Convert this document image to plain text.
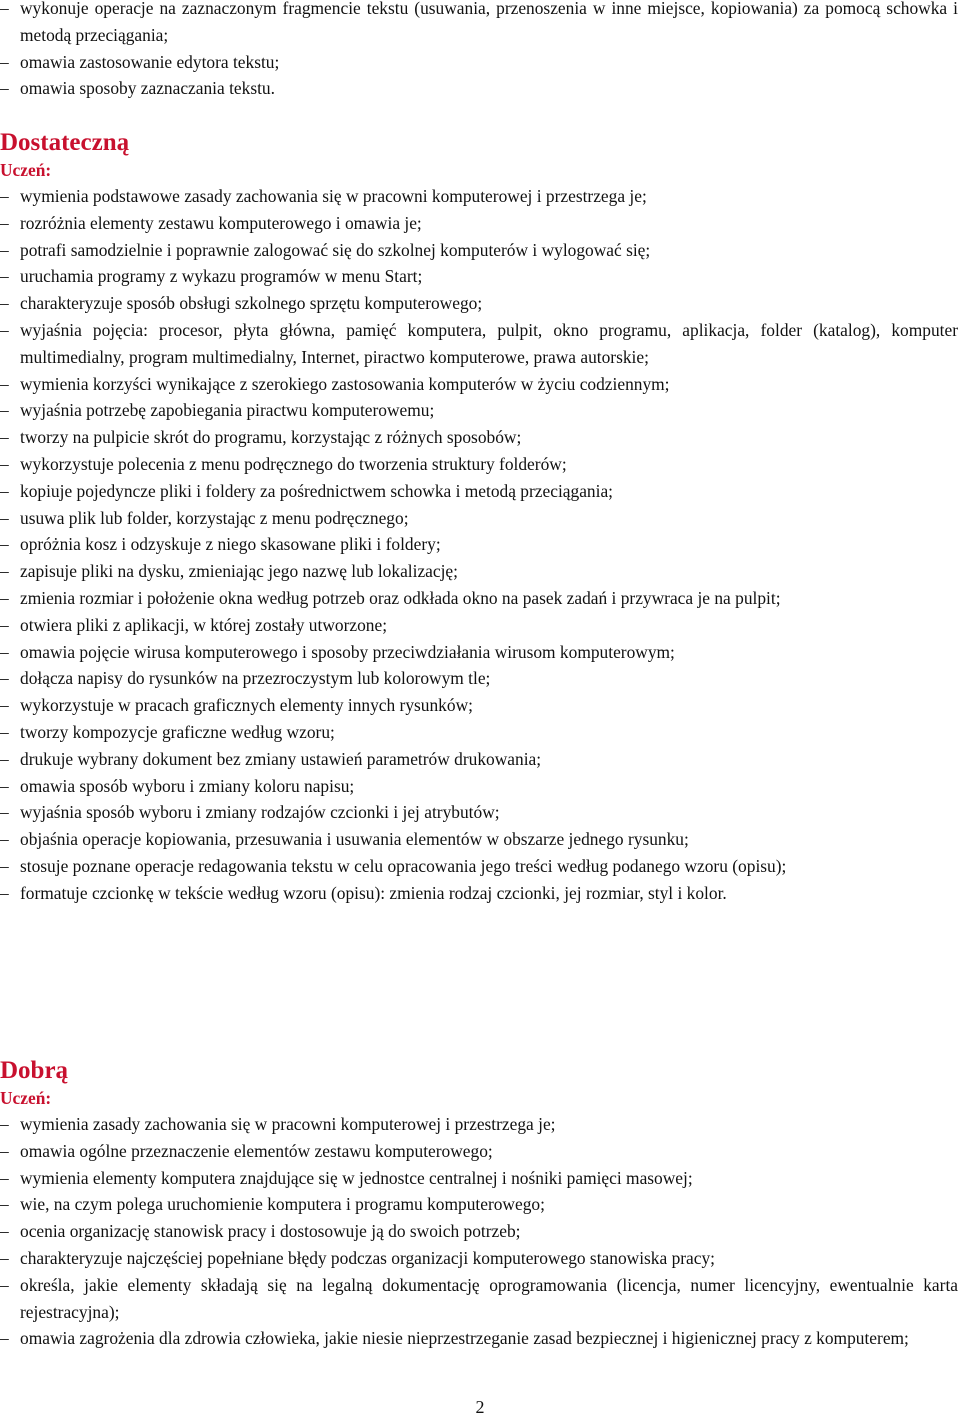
– wykonuje operacje na zaznaczonym fragmencie tekstu (usuwania, przenoszenia w inne miejsce, kopiowania) za pomocą schowka i metodą przeciągania;
– omawia zastosowanie edytora tekstu;
– omawia sposoby zaznaczania tekstu.
Dostateczną

Uczeń:

– wymienia podstawowe zasady zachowania się w pracowni komputerowej i przestrzega je;
– rozróżnia elementy zestawu komputerowego i omawia je;
– potrafi samodzielnie i poprawnie zalogować się do szkolnej komputerów i wylogować się;
– uruchamia programy z wykazu programów w menu Start;
– charakteryzuje sposób obsługi szkolnego sprzętu komputerowego;
– wyjaśnia pojęcia: procesor, płyta główna, pamięć komputera, pulpit, okno programu, aplikacja, folder (katalog), komputer multimedialny, program multimedialny, Internet, piractwo komputerowe, prawa autorskie;
– wymienia korzyści wynikające z szerokiego zastosowania komputerów w życiu codziennym;
– wyjaśnia potrzebę zapobiegania piractwu komputerowemu;
– tworzy na pulpicie skrót do programu, korzystając z różnych sposobów;
– wykorzystuje polecenia z menu podręcznego do tworzenia struktury folderów;
– kopiuje pojedyncze pliki i foldery za pośrednictwem schowka i metodą przeciągania;
– usuwa plik lub folder, korzystając z menu podręcznego;
– opróżnia kosz i odzyskuje z niego skasowane pliki i foldery;
– zapisuje pliki na dysku, zmieniając jego nazwę lub lokalizację;
– zmienia rozmiar i położenie okna według potrzeb oraz odkłada okno na pasek zadań i przywraca je na pulpit;
– otwiera pliki z aplikacji, w której zostały utworzone;
– omawia pojęcie wirusa komputerowego i sposoby przeciwdziałania wirusom komputerowym;
– dołącza napisy do rysunków na przezroczystym lub kolorowym tle;
– wykorzystuje w pracach graficznych elementy innych rysunków;
– tworzy kompozycje graficzne według wzoru;
– drukuje wybrany dokument bez zmiany ustawień parametrów drukowania;
– omawia sposób wyboru i zmiany koloru napisu;
– wyjaśnia sposób wyboru i zmiany rodzajów czcionki i jej atrybutów;
– objaśnia operacje kopiowania, przesuwania i usuwania elementów w obszarze jednego rysunku;
– stosuje poznane operacje redagowania tekstu w celu opracowania jego treści według podanego wzoru (opisu);
– formatuje czcionkę w tekście według wzoru (opisu): zmienia rodzaj czcionki, jej rozmiar, styl i kolor.
Dobrą

Uczeń:

– wymienia zasady zachowania się w pracowni komputerowej i przestrzega je;
– omawia ogólne przeznaczenie elementów zestawu komputerowego;
– wymienia elementy komputera znajdujące się w jednostce centralnej i nośniki pamięci masowej;
– wie, na czym polega uruchomienie komputera i programu komputerowego;
– ocenia organizację stanowisk pracy i dostosowuje ją do swoich potrzeb;
– charakteryzuje najczęściej popełniane błędy podczas organizacji komputerowego stanowiska pracy;
– określa, jakie elementy składają się na legalną dokumentację oprogramowania (licencja, numer licencyjny, ewentualnie karta rejestracyjna);
– omawia zagrożenia dla zdrowia człowieka, jakie niesie nieprzestrzeganie zasad bezpiecznej i higienicznej pracy z komputerem;
2
